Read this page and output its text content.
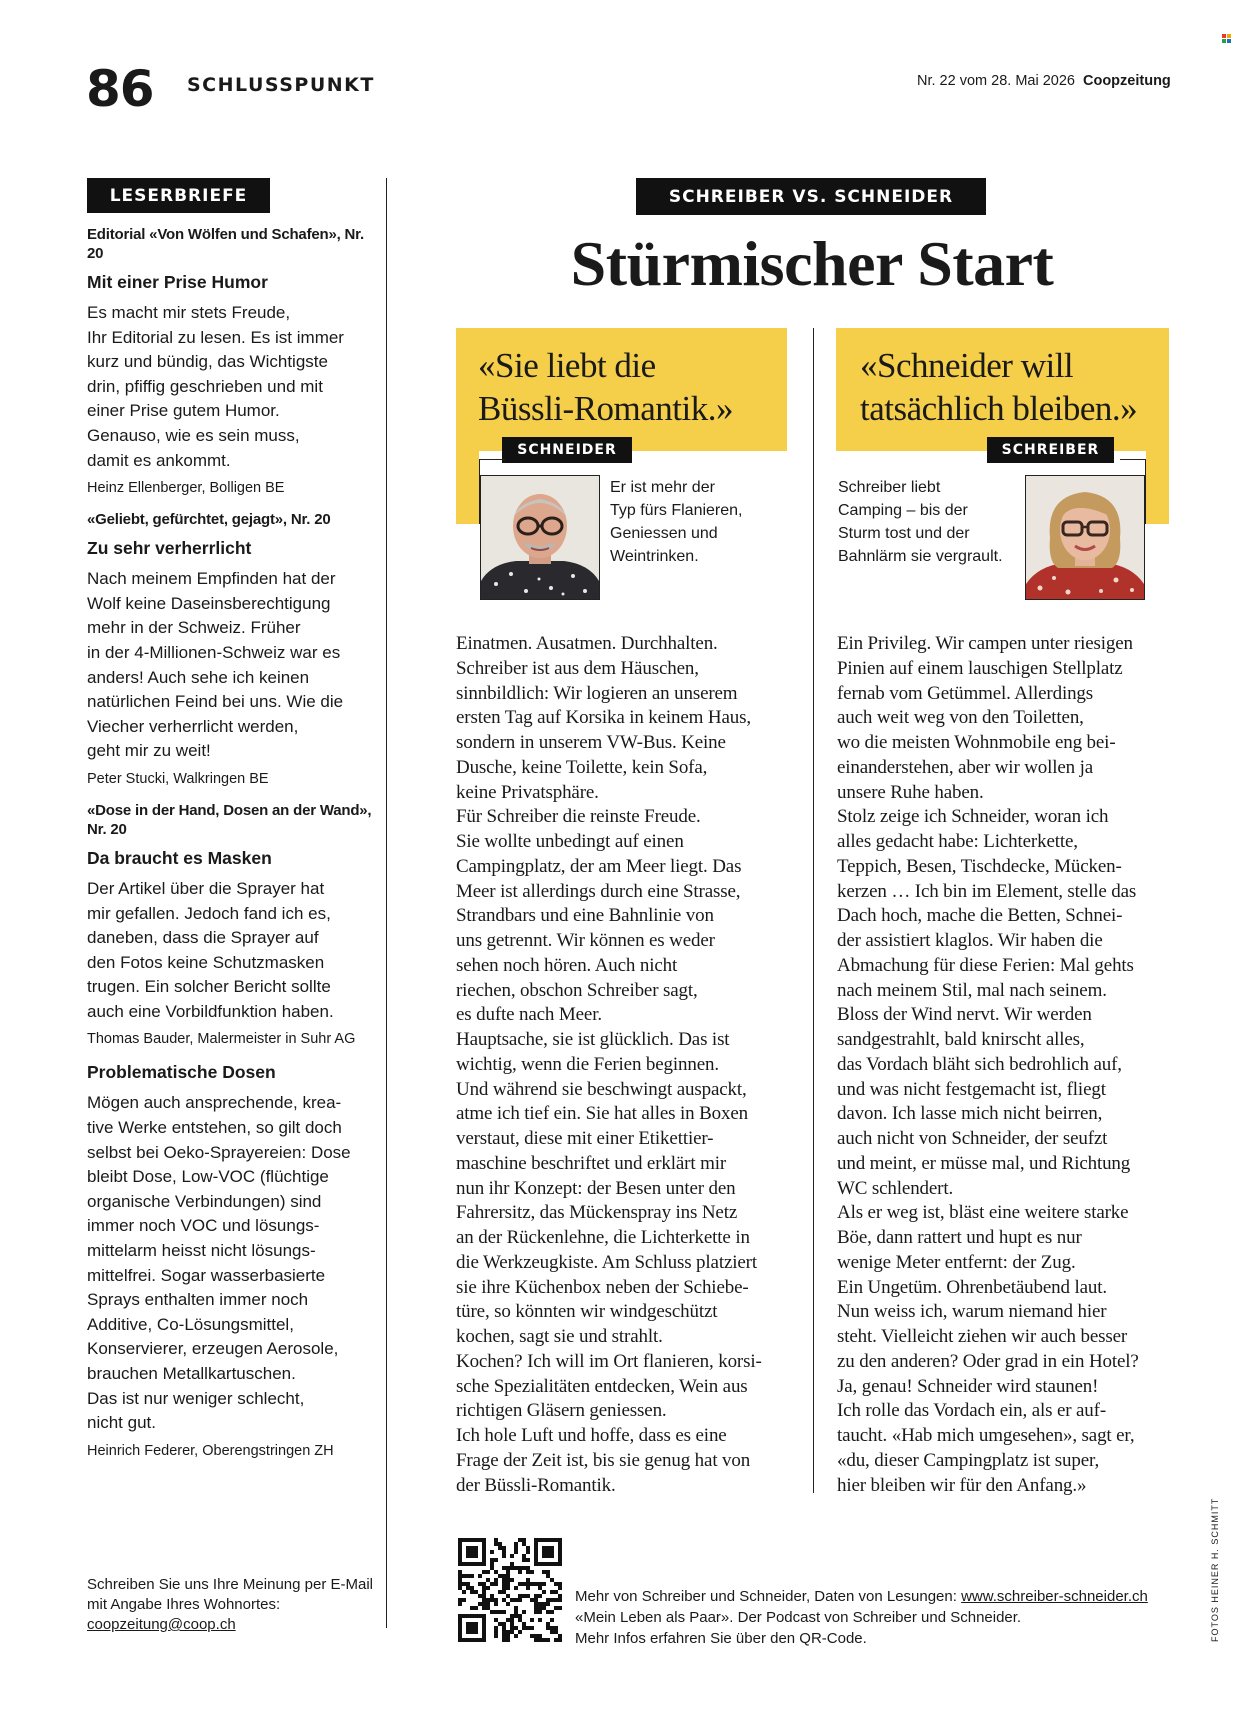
86 SCHLUSSPUNKT	Nr. 22 vom 28. Mai 2026 Coopzeitung
LESERBRIEFE
Editorial «Von Wölfen und Schafen», Nr. 20
Mit einer Prise Humor
Es macht mir stets Freude,
Ihr Editorial zu lesen. Es ist immer
kurz und bündig, das Wichtigste
drin, pfiffig geschrieben und mit
einer Prise gutem Humor.
Genauso, wie es sein muss,
damit es ankommt.
Heinz Ellenberger, Bolligen BE
«Geliebt, gefürchtet, gejagt», Nr. 20
Zu sehr verherrlicht
Nach meinem Empfinden hat der
Wolf keine Daseinsberechtigung
mehr in der Schweiz. Früher
in der 4-Millionen-Schweiz war es
anders! Auch sehe ich keinen
natürlichen Feind bei uns. Wie die
Viecher verherrlicht werden,
geht mir zu weit!
Peter Stucki, Walkringen BE
«Dose in der Hand, Dosen an der Wand», Nr. 20
Da braucht es Masken
Der Artikel über die Sprayer hat
mir gefallen. Jedoch fand ich es,
daneben, dass die Sprayer auf
den Fotos keine Schutzmasken
trugen. Ein solcher Bericht sollte
auch eine Vorbildfunktion haben.
Thomas Bauder, Malermeister in Suhr AG
Problematische Dosen
Mögen auch ansprechende, krea-
tive Werke entstehen, so gilt doch
selbst bei Oeko-Sprayereien: Dose
bleibt Dose, Low-VOC (flüchtige
organische Verbindungen) sind
immer noch VOC und lösungs-
mittelarm heisst nicht lösungs-
mittelfrei. Sogar wasserbasierte
Sprays enthalten immer noch
Additive, Co-Lösungsmittel,
Konservierer, erzeugen Aerosole,
brauchen Metallkartuschen.
Das ist nur weniger schlecht,
nicht gut.
Heinrich Federer, Oberengstringen ZH
Schreiben Sie uns Ihre Meinung per E-Mail
mit Angabe Ihres Wohnortes:
coopzeitung@coop.ch
SCHREIBER VS. SCHNEIDER
Stürmischer Start
«Sie liebt die
Büssli-Romantik.»
SCHNEIDER
Er ist mehr der
Typ fürs Flanieren,
Geniessen und
Weintrinken.
«Schneider will
tatsächlich bleiben.»
SCHREIBER
Schreiber liebt
Camping – bis der
Sturm tost und der
Bahnlärm sie vergrault.
Einatmen. Ausatmen. Durchhalten.
Schreiber ist aus dem Häuschen,
sinnbildlich: Wir logieren an unserem
ersten Tag auf Korsika in keinem Haus,
sondern in unserem VW-Bus. Keine
Dusche, keine Toilette, kein Sofa,
keine Privatsphäre.
Für Schreiber die reinste Freude.
Sie wollte unbedingt auf einen
Campingplatz, der am Meer liegt. Das
Meer ist allerdings durch eine Strasse,
Strandbars und eine Bahnlinie von
uns getrennt. Wir können es weder
sehen noch hören. Auch nicht
riechen, obschon Schreiber sagt,
es dufte nach Meer.
Hauptsache, sie ist glücklich. Das ist
wichtig, wenn die Ferien beginnen.
Und während sie beschwingt auspackt,
atme ich tief ein. Sie hat alles in Boxen
verstaut, diese mit einer Etikettier-
maschine beschriftet und erklärt mir
nun ihr Konzept: der Besen unter den
Fahrersitz, das Mückenspray ins Netz
an der Rückenlehne, die Lichterkette in
die Werkzeugkiste. Am Schluss platziert
sie ihre Küchenbox neben der Schiebe-
türe, so könnten wir windgeschützt
kochen, sagt sie und strahlt.
Kochen? Ich will im Ort flanieren, korsi-
sche Spezialitäten entdecken, Wein aus
richtigen Gläsern geniessen.
Ich hole Luft und hoffe, dass es eine
Frage der Zeit ist, bis sie genug hat von
der Büssli-Romantik.
Ein Privileg. Wir campen unter riesigen
Pinien auf einem lauschigen Stellplatz
fernab vom Getümmel. Allerdings
auch weit weg von den Toiletten,
wo die meisten Wohnmobile eng bei-
einanderstehen, aber wir wollen ja
unsere Ruhe haben.
Stolz zeige ich Schneider, woran ich
alles gedacht habe: Lichterkette,
Teppich, Besen, Tischdecke, Mücken-
kerzen … Ich bin im Element, stelle das
Dach hoch, mache die Betten, Schnei-
der assistiert klaglos. Wir haben die
Abmachung für diese Ferien: Mal gehts
nach meinem Stil, mal nach seinem.
Bloss der Wind nervt. Wir werden
sandgestrahlt, bald knirscht alles,
das Vordach bläht sich bedrohlich auf,
und was nicht festgemacht ist, fliegt
davon. Ich lasse mich nicht beirren,
auch nicht von Schneider, der seufzt
und meint, er müsse mal, und Richtung
WC schlendert.
Als er weg ist, bläst eine weitere starke
Böe, dann rattert und hupt es nur
wenige Meter entfernt: der Zug.
Ein Ungetüm. Ohrenbetäubend laut.
Nun weiss ich, warum niemand hier
steht. Vielleicht ziehen wir auch besser
zu den anderen? Oder grad in ein Hotel?
Ja, genau! Schneider wird staunen!
Ich rolle das Vordach ein, als er auf-
taucht. «Hab mich umgesehen», sagt er,
«du, dieser Campingplatz ist super,
hier bleiben wir für den Anfang.»
Mehr von Schreiber und Schneider, Daten von Lesungen: www.schreiber-schneider.ch
«Mein Leben als Paar». Der Podcast von Schreiber und Schneider.
Mehr Infos erfahren Sie über den QR-Code.	FOTOS HEINER H. SCHMITT
